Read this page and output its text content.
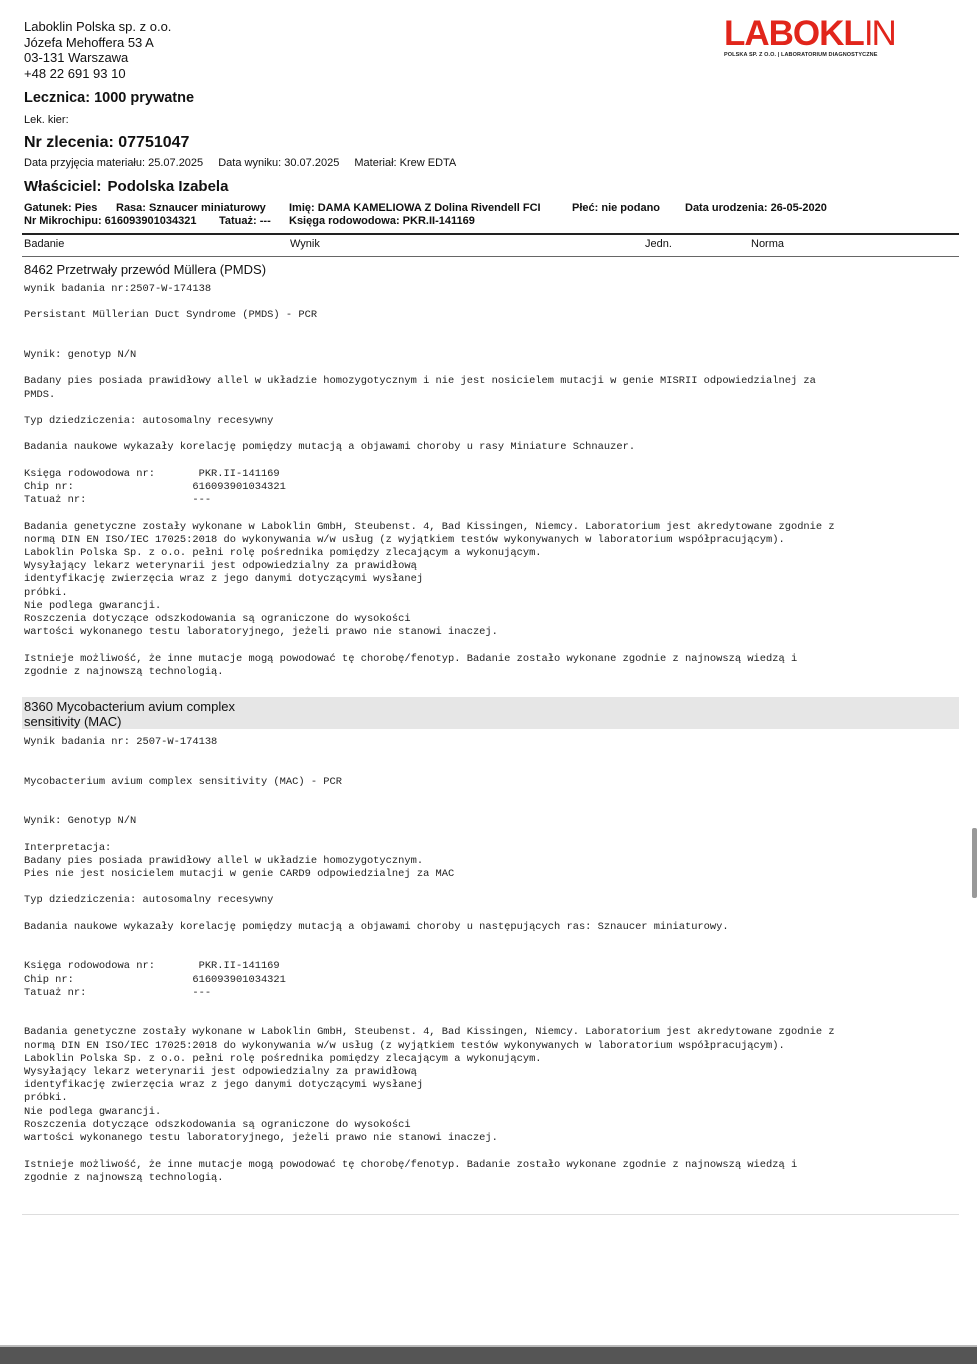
Laboklin Polska sp. z o.o.
Józefa Mehoffera 53 A
03-131 Warszawa
+48 22 691 93 10
LABOKLIN
POLSKA SP. Z O.O. | LABORATORIUM DIAGNOSTYCZNE
Lecznica: 1000 prywatne
Lek. kier:
Nr zlecenia: 07751047
Data przyjęcia materiału: 25.07.2025 Data wyniku: 30.07.2025 Materiał: Krew EDTA
Właściciel: Podolska Izabela
Gatunek: Pies Rasa: Sznaucer miniaturowy Imię: DAMA KAMELIOWA Z Dolina Rivendell FCI	Płeć: nie podano Data urodzenia: 26-05-2020
Nr Mikrochipu: 616093901034321 Tatuaż: --- Księga rodowodowa: PKR.II-141169
Badanie	Wynik	Jedn.	Norma
8462 Przetrwały przewód Müllera (PMDS)
wynik badania nr:2507-W-174138

Persistant Müllerian Duct Syndrome (PMDS) - PCR

Wynik: genotyp N/N

Badany pies posiada prawidłowy allel w układzie homozygotycznym i nie jest nosicielem mutacji w genie MISRII odpowiedzialnej za
PMDS.

Typ dziedziczenia: autosomalny recesywny

Badania naukowe wykazały korelację pomiędzy mutacją a objawami choroby u rasy Miniature Schnauzer.

Księga rodowodowa nr:       PKR.II-141169
Chip nr:                   616093901034321
Tatuaż nr:                 ---

Badania genetyczne zostały wykonane w Laboklin GmbH, Steubenst. 4, Bad Kissingen, Niemcy. Laboratorium jest akredytowane zgodnie z
normą DIN EN ISO/IEC 17025:2018 do wykonywania w/w usług (z wyjątkiem testów wykonywanych w laboratorium współpracującym).
Laboklin Polska Sp. z o.o. pełni rolę pośrednika pomiędzy zlecającym a wykonującym.
Wysyłający lekarz weterynarii jest odpowiedzialny za prawidłową
identyfikację zwierzęcia wraz z jego danymi dotyczącymi wysłanej
próbki.
Nie podlega gwarancji.
Roszczenia dotyczące odszkodowania są ograniczone do wysokości
wartości wykonanego testu laboratoryjnego, jeżeli prawo nie stanowi inaczej.

Istnieje możliwość, że inne mutacje mogą powodować tę chorobę/fenotyp. Badanie zostało wykonane zgodnie z najnowszą wiedzą i
zgodnie z najnowszą technologią.
8360 Mycobacterium avium complex
sensitivity (MAC)
Wynik badania nr: 2507-W-174138

Mycobacterium avium complex sensitivity (MAC) - PCR

Wynik: Genotyp N/N

Interpretacja:
Badany pies posiada prawidłowy allel w układzie homozygotycznym.
Pies nie jest nosicielem mutacji w genie CARD9 odpowiedzialnej za MAC

Typ dziedziczenia: autosomalny recesywny

Badania naukowe wykazały korelację pomiędzy mutacją a objawami choroby u następujących ras: Sznaucer miniaturowy.

Księga rodowodowa nr:       PKR.II-141169
Chip nr:                   616093901034321
Tatuaż nr:                 ---

Badania genetyczne zostały wykonane w Laboklin GmbH, Steubenst. 4, Bad Kissingen, Niemcy. Laboratorium jest akredytowane zgodnie z
normą DIN EN ISO/IEC 17025:2018 do wykonywania w/w usług (z wyjątkiem testów wykonywanych w laboratorium współpracującym).
Laboklin Polska Sp. z o.o. pełni rolę pośrednika pomiędzy zlecającym a wykonującym.
Wysyłający lekarz weterynarii jest odpowiedzialny za prawidłową
identyfikację zwierzęcia wraz z jego danymi dotyczącymi wysłanej
próbki.
Nie podlega gwarancji.
Roszczenia dotyczące odszkodowania są ograniczone do wysokości
wartości wykonanego testu laboratoryjnego, jeżeli prawo nie stanowi inaczej.

Istnieje możliwość, że inne mutacje mogą powodować tę chorobę/fenotyp. Badanie zostało wykonane zgodnie z najnowszą wiedzą i
zgodnie z najnowszą technologią.
